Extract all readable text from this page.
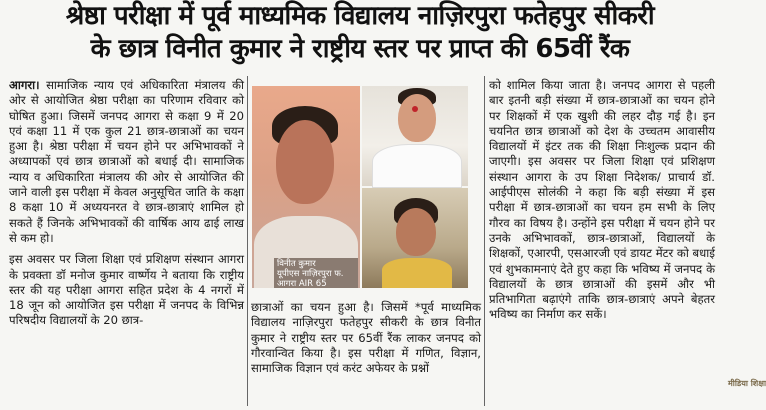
श्रेष्ठा परीक्षा में पूर्व माध्यमिक विद्यालय नाज़िरपुरा फतेहपुर सीकरी
के छात्र विनीत कुमार ने राष्ट्रीय स्तर पर प्राप्त की 65वीं रैंक

आगरा। सामाजिक न्याय एवं अधिकारिता मंत्रालय की ओर से आयोजित श्रेष्ठा परीक्षा का परिणाम रविवार को घोषित हुआ। जिसमें जनपद आगरा से कक्षा 9 में 20 एवं कक्षा 11 में एक कुल 21 छात्र-छात्राओं का चयन हुआ है। श्रेष्ठा परीक्षा में चयन होने पर अभिभावकों ने अध्यापकों एवं छात्र छात्राओं को बधाई दी। सामाजिक न्याय व अधिकारिता मंत्रालय की ओर से आयोजित की जाने वाली इस परीक्षा में केवल अनुसूचित जाति के कक्षा 8 कक्षा 10 में अध्ययनरत वे छात्र-छात्राएं शामिल हो सकते हैं जिनके अभिभावकों की वार्षिक आय ढाई लाख से कम हो।

इस अवसर पर जिला शिक्षा एवं प्रशिक्षण संस्थान आगरा के प्रवक्ता डॉ मनोज कुमार वार्ष्णेय ने बताया कि राष्ट्रीय स्तर की यह परीक्षा आगरा सहित प्रदेश के 4 नगरों में 18 जून को आयोजित इस परीक्षा में जनपद के विभिन्न परिषदीय विद्यालयों के 20 छात्र-

विनीत कुमार
यूपीएस नाज़िरपुरा फ.
आगरा AIR 65
मीडिया शिक्षा

छात्राओं का चयन हुआ है। जिसमें *पूर्व माध्यमिक विद्यालय नाज़िरपुरा फतेहपुर सीकरी के छात्र विनीत कुमार ने राष्ट्रीय स्तर पर 65वीं रैंक लाकर जनपद को गौरवान्वित किया है। इस परीक्षा में गणित, विज्ञान, सामाजिक विज्ञान एवं करंट अफेयर के प्रश्नों

को शामिल किया जाता है। जनपद आगरा से पहली बार इतनी बड़ी संख्या में छात्र-छात्राओं का चयन होने पर शिक्षकों में एक खुशी की लहर दौड़ गई है। इन चयनित छात्र छात्राओं को देश के उच्चतम आवासीय विद्यालयों में इंटर तक की शिक्षा निःशुल्क प्रदान की जाएगी। इस अवसर पर जिला शिक्षा एवं प्रशिक्षण संस्थान आगरा के उप शिक्षा निदेशक/ प्राचार्य डॉ. आईपीएस सोलंकी ने कहा कि बड़ी संख्या में इस परीक्षा में छात्र-छात्राओं का चयन हम सभी के लिए गौरव का विषय है। उन्होंने इस परीक्षा में चयन होने पर उनके अभिभावकों, छात्र-छात्राओं, विद्यालयों के शिक्षकों, एआरपी, एसआरजी एवं डायट मेंटर को बधाई एवं शुभकामनाएं देते हुए कहा कि भविष्य में जनपद के विद्यालयों के छात्र छात्राओं की इसमें और भी प्रतिभागिता बढ़ाएंगे ताकि छात्र-छात्राएं अपने बेहतर भविष्य का निर्माण कर सकें।
